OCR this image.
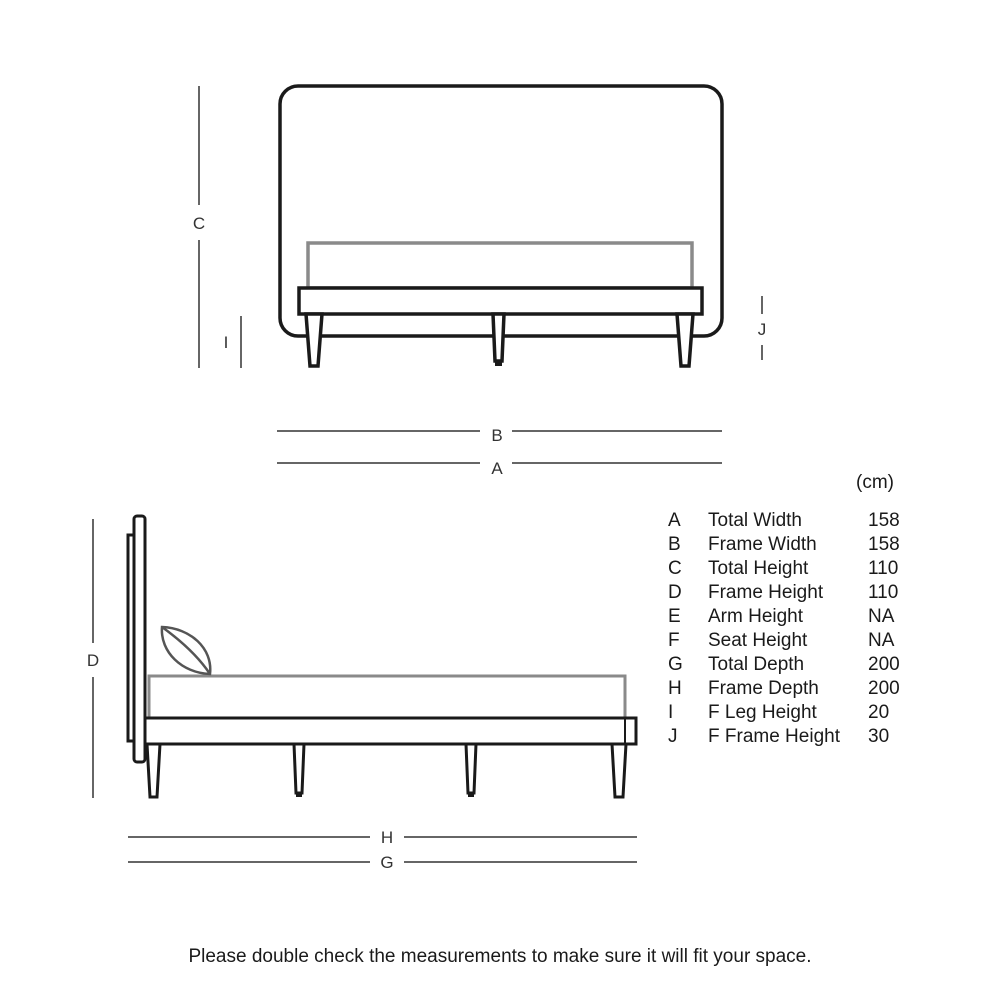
C
I
J
B
A
D
H
G
(cm)
A	Total Width	158
B	Frame Width	158
C	Total Height	110
D	Frame Height	110
E	Arm Height	NA
F	Seat Height	NA
G	Total Depth	200
H	Frame Depth	200
I	F Leg Height	20
J	F Frame Height	30
Please double check the measurements to make sure it will fit your space.
